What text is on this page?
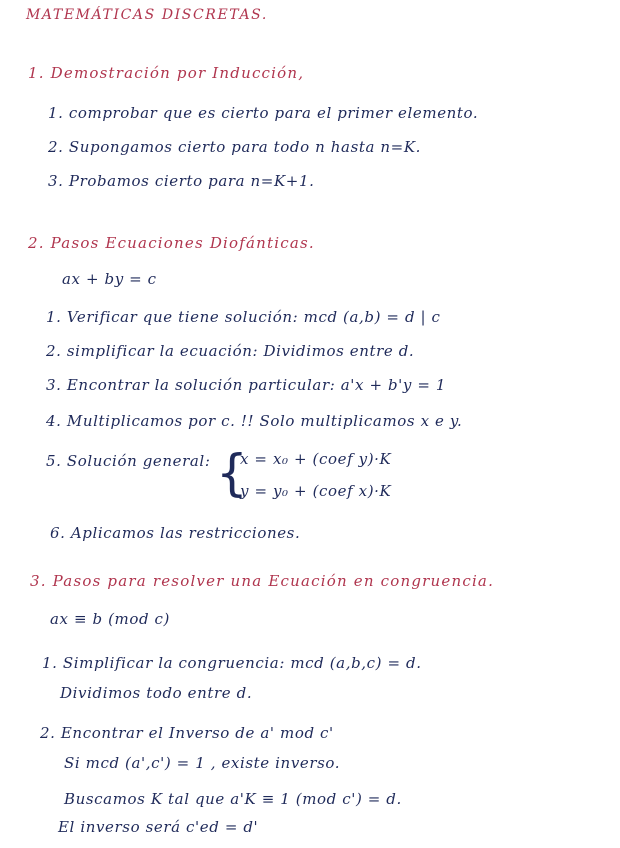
MATEMÁTICAS DISCRETAS.
1. Demostración por Inducción,
1. comprobar que es cierto para el primer elemento.
2. Supongamos cierto para todo n hasta n=K.
3. Probamos cierto para n=K+1.
2. Pasos Ecuaciones Diofánticas.
ax + by = c
1. Verificar que tiene solución: mcd (a,b) = d | c
2. simplificar la ecuación: Dividimos entre d.
3. Encontrar la solución particular: a'x + b'y = 1
4. Multiplicamos por c. !! Solo multiplicamos x e y.
5. Solución general: {
x = x₀ + (coef y)·K
y = y₀ + (coef x)·K
6. Aplicamos las restricciones.
3. Pasos para resolver una Ecuación en congruencia.
ax ≡ b (mod c)
1. Simplificar la congruencia: mcd (a,b,c) = d.
Dividimos todo entre d.
2. Encontrar el Inverso de a' mod c'
Si mcd (a',c') = 1 , existe inverso.
Buscamos K tal que a'K ≡ 1 (mod c') = d.
El inverso será c'ed = d'
